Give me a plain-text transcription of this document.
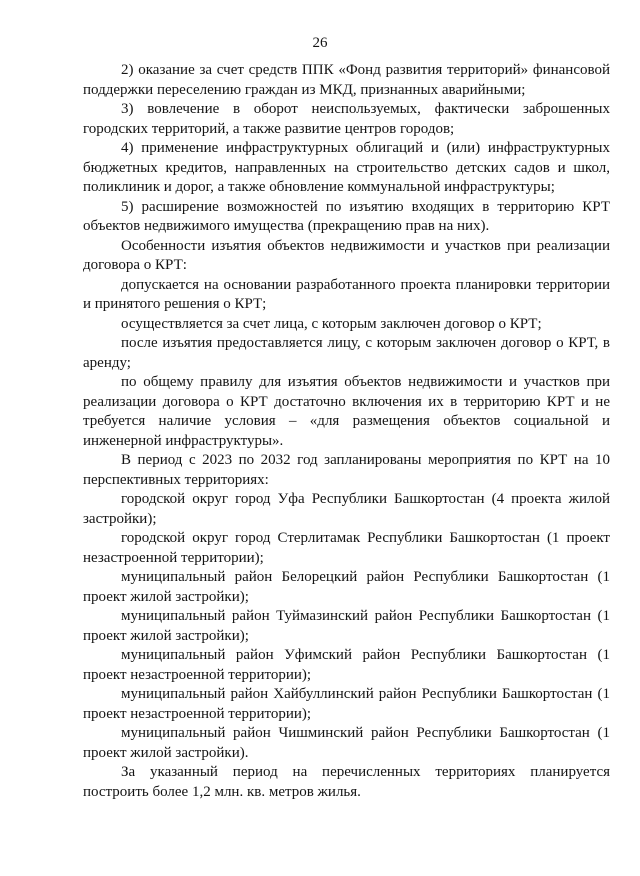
26

2) оказание за счет средств ППК «Фонд развития территорий» финансовой поддержки переселению граждан из МКД, признанных аварийными;

3) вовлечение в оборот неиспользуемых, фактически заброшенных городских территорий, а также развитие центров городов;

4) применение инфраструктурных облигаций и (или) инфраструктурных бюджетных кредитов, направленных на строительство детских садов и школ, поликлиник и дорог, а также обновление коммунальной инфраструктуры;

5) расширение возможностей по изъятию входящих в территорию КРТ объектов недвижимого имущества (прекращению прав на них).

Особенности изъятия объектов недвижимости и участков при реализации договора о КРТ:

допускается на основании разработанного проекта планировки территории и принятого решения о КРТ;

осуществляется за счет лица, с которым заключен договор о КРТ;

после изъятия предоставляется лицу, с которым заключен договор о КРТ, в аренду;

по общему правилу для изъятия объектов недвижимости и участков при реализации договора о КРТ достаточно включения их в территорию КРТ и не требуется наличие условия – «для размещения объектов социальной и инженерной инфраструктуры».

В период с 2023 по 2032 год запланированы мероприятия по КРТ на 10 перспективных территориях:

городской округ город Уфа Республики Башкортостан (4 проекта жилой застройки);

городской округ город Стерлитамак Республики Башкортостан (1 проект незастроенной территории);

муниципальный район Белорецкий район Республики Башкортостан (1 проект жилой застройки);

муниципальный район Туймазинский район Республики Башкортостан (1 проект жилой застройки);

муниципальный район Уфимский район Республики Башкортостан (1 проект незастроенной территории);

муниципальный район Хайбуллинский район Республики Башкортостан (1 проект незастроенной территории);

муниципальный район Чишминский район Республики Башкортостан (1 проект жилой застройки).

За указанный период на перечисленных территориях планируется построить более 1,2 млн. кв. метров жилья.
